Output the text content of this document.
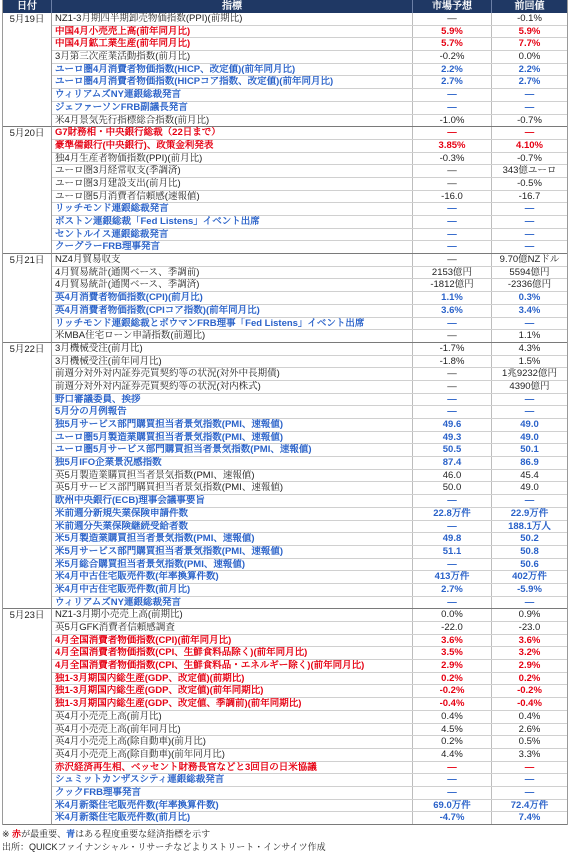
日付	指標	市場予想	前回値
5月19日	NZ1-3月期四半期卸売物価指数(PPI)(前期比)	—	-0.1%
中国4月小売売上高(前年同月比)	5.9%	5.9%
中国4月鉱工業生産(前年同月比)	5.7%	7.7%
3月第三次産業活動指数(前月比)	-0.2%	0.0%
ユーロ圏4月消費者物価指数(HICP、改定値)(前年同月比)	2.2%	2.2%
ユーロ圏4月消費者物価指数(HICPコア指数、改定値)(前年同月比)	2.7%	2.7%
ウィリアムズNY連銀総裁発言	—	—
ジェファーソンFRB副議長発言	—	—
米4月景気先行指標総合指数(前月比)	-1.0%	-0.7%
5月20日	G7財務相・中央銀行総裁（22日まで）	—	—
豪準備銀行(中央銀行)、政策金利発表	3.85%	4.10%
独4月生産者物価指数(PPI)(前月比)	-0.3%	-0.7%
ユーロ圏3月経常収支(季調済)	—	343億ユーロ
ユーロ圏3月建設支出(前月比)	—	-0.5%
ユーロ圏5月消費者信頼感(速報値)	-16.0	-16.7
リッチモンド連銀総裁発言	—	—
ボストン連銀総裁「Fed Listens」イベント出席	—	—
セントルイス連銀総裁発言	—	—
クーグラーFRB理事発言	—	—
5月21日	NZ4月貿易収支	—	9.70億NZドル
4月貿易統計(通関ベース、季調前)	2153億円	5594億円
4月貿易統計(通関ベース、季調済)	-1812億円	-2336億円
英4月消費者物価指数(CPI)(前月比)	1.1%	0.3%
英4月消費者物価指数(CPIコア指数)(前年同月比)	3.6%	3.4%
リッチモンド連銀総裁とボウマンFRB理事「Fed Listens」イベント出席	—	—
米MBA住宅ローン申請指数(前週比)	—	1.1%
5月22日	3月機械受注(前月比)	-1.7%	4.3%
3月機械受注(前年同月比)	-1.8%	1.5%
前週分対外対内証券売買契約等の状況(対外中長期債)	—	1兆9232億円
前週分対外対内証券売買契約等の状況(対内株式)	—	4390億円
野口審議委員、挨拶	—	—
5月分の月例報告	—	—
独5月サービス部門購買担当者景気指数(PMI、速報値)	49.6	49.0
ユーロ圏5月製造業購買担当者景気指数(PMI、速報値)	49.3	49.0
ユーロ圏5月サービス部門購買担当者景気指数(PMI、速報値)	50.5	50.1
独5月IFO企業景況感指数	87.4	86.9
英5月製造業購買担当者景気指数(PMI、速報値)	46.0	45.4
英5月サービス部門購買担当者景気指数(PMI、速報値)	50.0	49.0
欧州中央銀行(ECB)理事会議事要旨	—	—
米前週分新規失業保険申請件数	22.8万件	22.9万件
米前週分失業保険継続受給者数	—	188.1万人
米5月製造業購買担当者景気指数(PMI、速報値)	49.8	50.2
米5月サービス部門購買担当者景気指数(PMI、速報値)	51.1	50.8
米5月総合購買担当者景気指数(PMI、速報値)	—	50.6
米4月中古住宅販売件数(年率換算件数)	413万件	402万件
米4月中古住宅販売件数(前月比)	2.7%	-5.9%
ウィリアムズNY連銀総裁発言	—	—
5月23日	NZ1-3月期小売売上高(前期比)	0.0%	0.9%
英5月GFK消費者信頼感調査	-22.0	-23.0
4月全国消費者物価指数(CPI)(前年同月比)	3.6%	3.6%
4月全国消費者物価指数(CPI、生鮮食料品除く)(前年同月比)	3.5%	3.2%
4月全国消費者物価指数(CPI、生鮮食料品・エネルギー除く)(前年同月比)	2.9%	2.9%
独1-3月期国内総生産(GDP、改定値)(前期比)	0.2%	0.2%
独1-3月期国内総生産(GDP、改定値)(前年同期比)	-0.2%	-0.2%
独1-3月期国内総生産(GDP、改定値、季調前)(前年同期比)	-0.4%	-0.4%
英4月小売売上高(前月比)	0.4%	0.4%
英4月小売売上高(前年同月比)	4.5%	2.6%
英4月小売売上高(除自動車)(前月比)	0.2%	0.5%
英4月小売売上高(除自動車)(前年同月比)	4.4%	3.3%
赤沢経済再生相、ベッセント財務長官などと3回目の日米協議	—	—
シュミットカンザスシティ連銀総裁発言	—	—
クックFRB理事発言	—	—
米4月新築住宅販売件数(年率換算件数)	69.0万件	72.4万件
米4月新築住宅販売件数(前月比)	-4.7%	7.4%
※ 赤が最重要、青はある程度重要な経済指標を示す
出所：QUICKファイナンシャル・リサーチなどよりストリート・インサイツ作成
